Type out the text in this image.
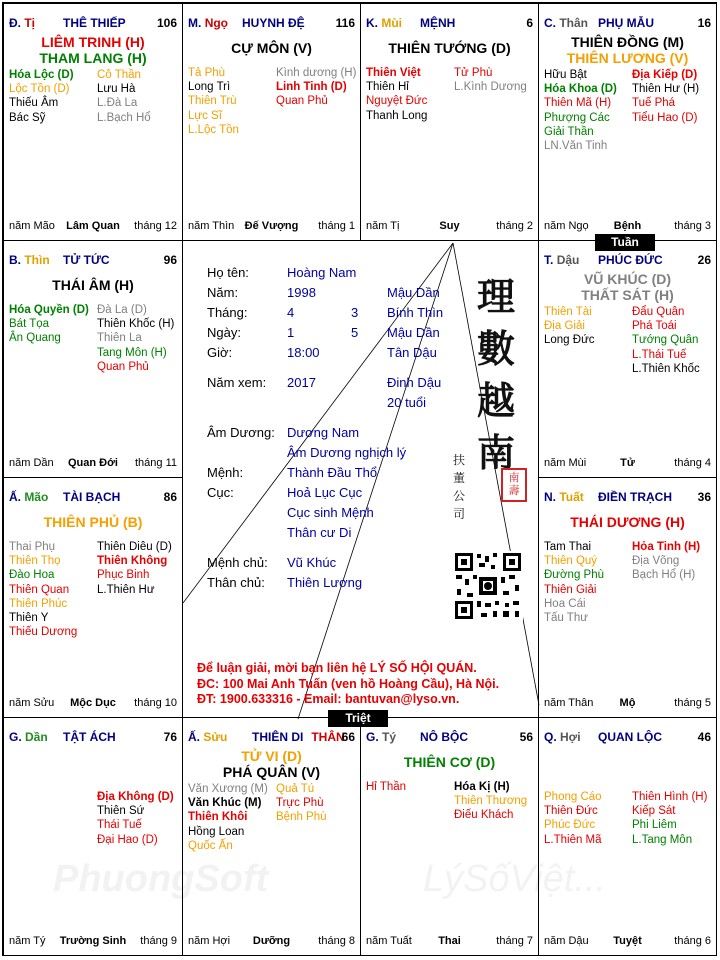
Đ. Tị THÊ THIẾP	106
LIÊM TRINH (H)
THAM LANG (H)
Hóa Lộc (D)
Lộc Tồn (D)
Thiếu Âm
Bác Sỹ
Cô Thần
Lưu Hà
L.Đà La
L.Bạch Hổ
năm Mão	Lâm Quan	tháng 12
M. Ngọ HUYNH ĐỆ	116
CỰ MÔN (V)
Tả Phù
Long Trì
Thiên Trù
Lực Sĩ
L.Lộc Tồn
Kình dương (H)
Linh Tinh (D)
Quan Phủ
năm Thìn Đế Vượng	tháng 1
K. Mùi MỆNH	6
THIÊN TƯỚNG (D)
Thiên Việt
Thiên Hỉ
Nguyệt Đức
Thanh Long
Tử Phù
L.Kình Dương
năm Tị	Suy	tháng 2
C. Thân PHỤ MẪU	16
THIÊN ĐỒNG (M)
THIÊN LƯƠNG (V)
Hữu Bật
Hóa Khoa (D)
Thiên Mã (H)
Phượng Các
Giải Thần
LN.Văn Tinh
Địa Kiếp (D)
Thiên Hư (H)
Tuế Phá
Tiểu Hao (D)
năm Ngọ	Bệnh	tháng 3
B. Thìn TỬ TỨC	96
THÁI ÂM (H)
Hóa Quyền (D)
Bát Tọa
Ân Quang
Đà La (D)
Thiên Khốc (H)
Thiên La
Tang Môn (H)
Quan Phủ
năm Dần	Quan Đới	tháng 11
T. Dậu PHÚC ĐỨC	26
VŨ KHÚC (D)
THẤT SÁT (H)
Thiên Tài
Địa Giải
Long Đức
Đẩu Quân
Phá Toái
Tướng Quân
L.Thái Tuế
L.Thiên Khốc
năm Mùi	Tử	tháng 4
Ấ. Mão TÀI BẠCH	86
THIÊN PHỦ (B)
Thai Phụ
Thiên Thọ
Đào Hoa
Thiên Quan
Thiên Phúc
Thiên Y
Thiếu Dương
Thiên Diêu (D)
Thiên Không
Phục Binh
L.Thiên Hư
năm Sửu	Mộc Dục	tháng 10
N. Tuất ĐIỀN TRẠCH 36
THÁI DƯƠNG (H)
Tam Thai
Thiên Quý
Đường Phù
Thiên Giải
Hoa Cái
Tấu Thư
Hỏa Tinh (H)
Địa Võng
Bạch Hổ (H)
năm Thân	Mộ	tháng 5
G. Dần TẬT ÁCH	76
Địa Không (D)
Thiên Sứ
Thái Tuế
Đại Hao (D)
năm Tý	Trường Sinh	tháng 9
Ấ. Sửu THIÊN DI THÂN
66
TỬ VI (D)
PHÁ QUÂN (V)
Văn Xương (M)
Văn Khúc (M)
Thiên Khôi
Hồng Loan
Quốc Ấn
Quả Tú
Trực Phù
Bệnh Phù
năm Hợi	Dưỡng	tháng 8
G. Tý NÔ BỘC	56
THIÊN CƠ (D)
Hỉ Thần	Hóa Kị (H)
Thiên Thương
Điếu Khách
năm Tuất	Thai	tháng 7
Q. Hợi QUAN LỘC	46
Phong Cáo
Thiên Đức
Phúc Đức
L.Thiên Mã
Thiên Hình (H)
Kiếp Sát
Phi Liêm
L.Tang Môn
năm Dậu	Tuyệt	tháng 6
Họ tên:	Hoàng Nam
Năm:	1998	Mậu Dần
Tháng:	4	3 Bính Thìn
Ngày:	1	5 Mậu Dần
Giờ:	18:00	Tân Dậu
Năm xem: 2017	Đinh Dậu
20 tuổi
Âm Dương: Dương Nam
Âm Dương nghịch lý
Mệnh:	Thành Đầu Thổ
Cục:	Hoả Lục Cục
Cục sinh Mệnh
Thân cư Di
Mệnh chủ: Vũ Khúc
Thân chủ: Thiên Lương
理
數
越
南
扶董公司
南壽
Để luận giải, mời bạn liên hệ LÝ SỐ HỘI QUÁN.
ĐC: 100 Mai Anh Tuấn (ven hồ Hoàng Cầu), Hà Nội.
ĐT: 1900.633316 - Email: bantuvan@lyso.vn.
Tuần
Triệt
PhuongSoft	LýSốViệt...
